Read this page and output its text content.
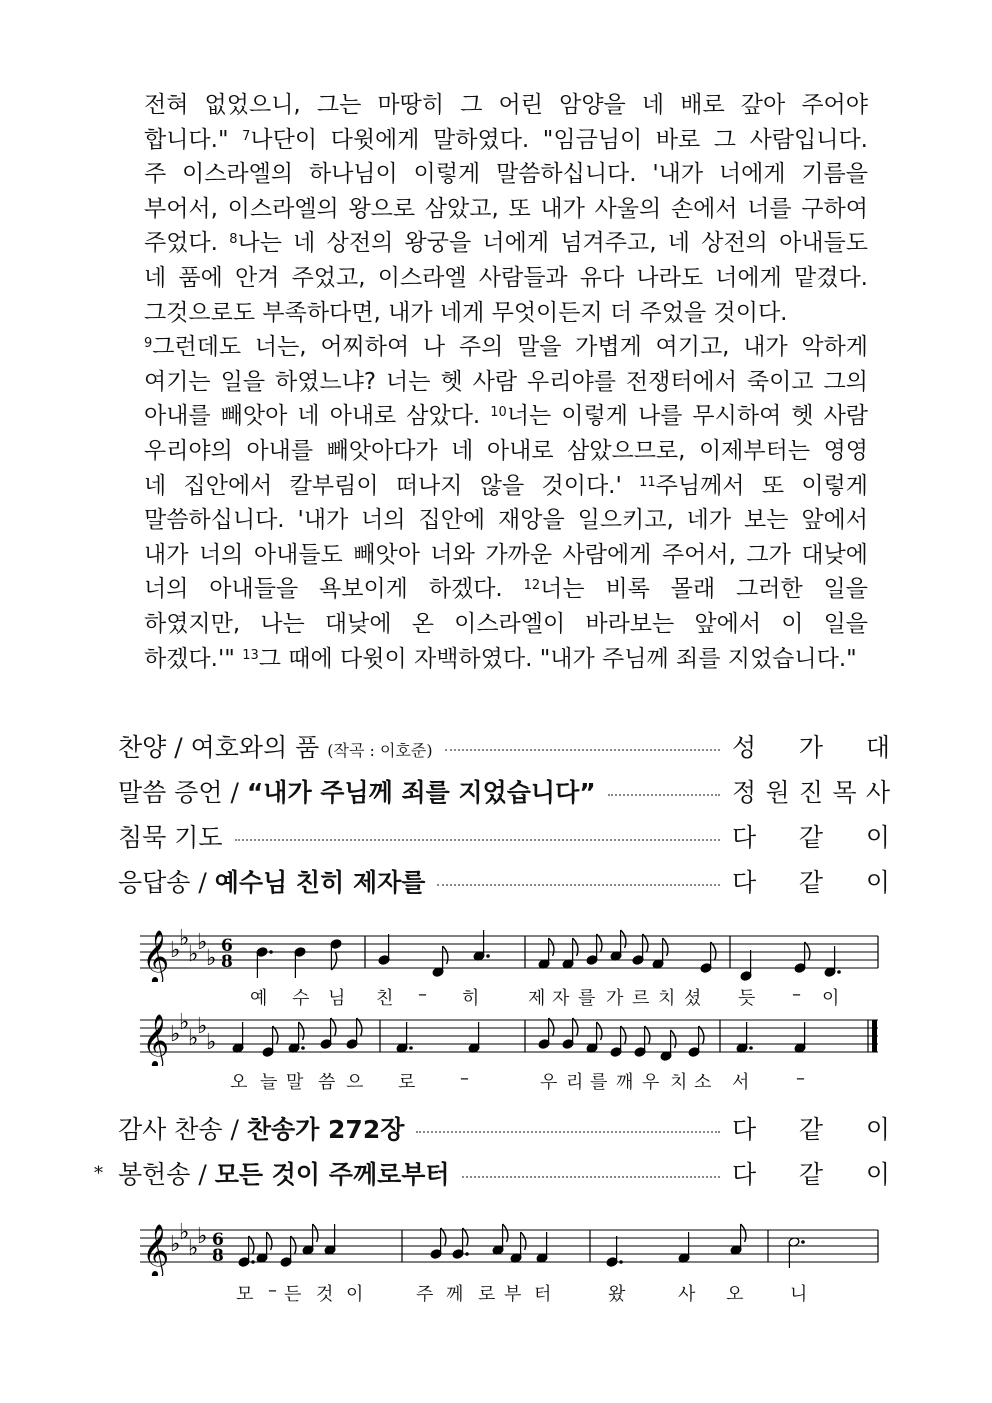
전혀 없었으니, 그는 마땅히 그 어린 암양을 네 배로 갚아 주어야
합니다." $^7$나단이 다윗에게 말하였다. "임금님이 바로 그 사람입니다.
주 이스라엘의 하나님이 이렇게 말씀하십니다. '내가 너에게 기름을
부어서, 이스라엘의 왕으로 삼았고, 또 내가 사울의 손에서 너를 구하여
주었다. $^8$나는 네 상전의 왕궁을 너에게 넘겨주고, 네 상전의 아내들도
네 품에 안겨 주었고, 이스라엘 사람들과 유다 나라도 너에게 맡겼다.
그것으로도 부족하다면, 내가 네게 무엇이든지 더 주었을 것이다.
$^9$그런데도 너는, 어찌하여 나 주의 말을 가볍게 여기고, 내가 악하게
여기는 일을 하였느냐? 너는 헷 사람 우리야를 전쟁터에서 죽이고 그의
아내를 빼앗아 네 아내로 삼았다. $^{10}$너는 이렇게 나를 무시하여 헷 사람
우리야의 아내를 빼앗아다가 네 아내로 삼았으므로, 이제부터는 영영
네 집안에서 칼부림이 떠나지 않을 것이다.' $^{11}$주님께서 또 이렇게
말씀하십니다. '내가 너의 집안에 재앙을 일으키고, 네가 보는 앞에서
내가 너의 아내들도 빼앗아 너와 가까운 사람에게 주어서, 그가 대낮에
너의 아내들을 욕보이게 하겠다. $^{12}$너는 비록 몰래 그러한 일을
하였지만, 나는 대낮에 온 이스라엘이 바라보는 앞에서 이 일을
하겠다.'" $^{13}$그 때에 다윗이 자백하였다. "내가 주님께 죄를 지었습니다."
찬양 / 여호와의 품 (작곡 : 이호준)	성 가 대
말씀 증언 / “내가 주님께 죄를 지었습니다”	정 원 진 목 사
침묵 기도	다 같 이
응답송 / 예수님 친히 제자를	다 같 이
감사 찬송 / 찬송가 272장	다 같 이
* 봉헌송 / 모든 것이 주께로부터	다 같 이
𝄞 ♭
♭
♭
♭
♭ 6
8
예 수 님 친 – 히	제 자 를 가 르 치 셨 듯 – 이
𝄞 ♭
♭
♭
♭
♭
오 늘 말 씀 으 로 –	우 리 를 깨 우 치 소 서	–
𝄞 ♭
♭
♭
♭ 6
8
모 – 든 것 이	주 께 로 부 터	왔	사 오	니
